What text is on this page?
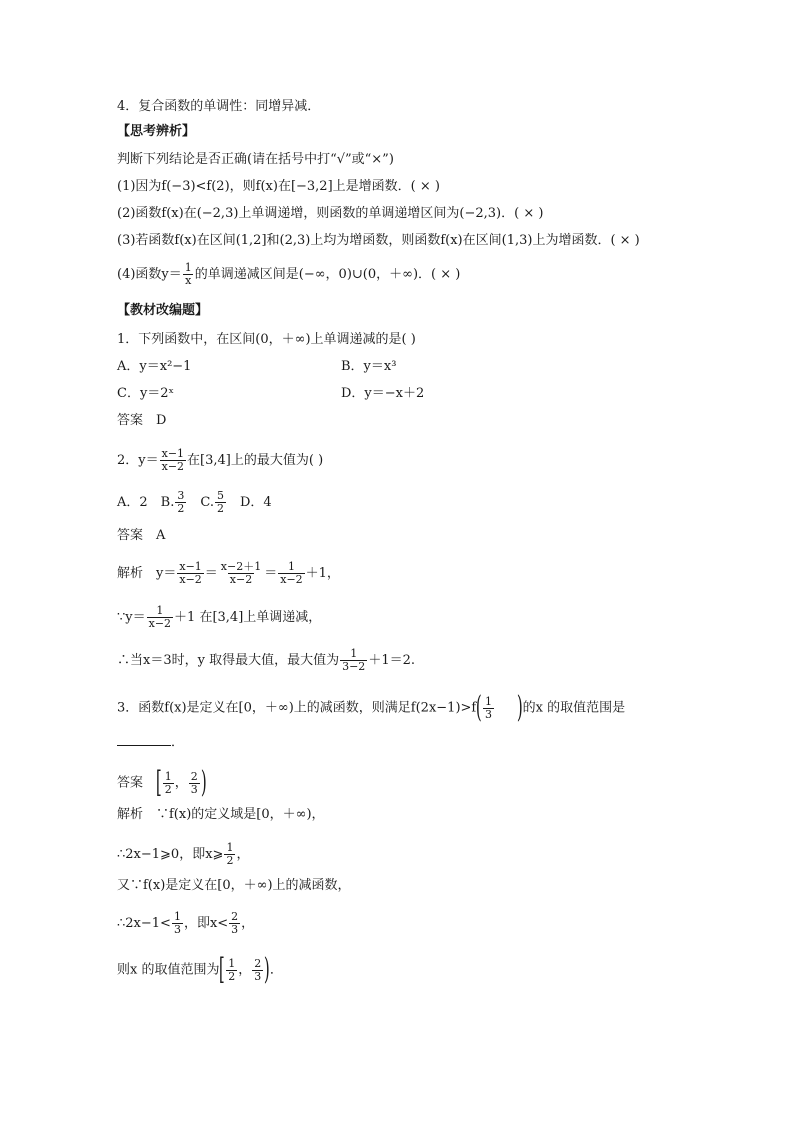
4．复合函数的单调性：同增异减．
【思考辨析】
判断下列结论是否正确(请在括号中打“√”或“×”)
(1)因为f(−3)<f(2)，则f(x)在[−3,2]上是增函数．( × )
(2)函数f(x)在(−2,3)上单调递增，则函数的单调递增区间为(−2,3)．( × )
(3)若函数f(x)在区间(1,2]和(2,3)上均为增函数，则函数f(x)在区间(1,3)上为增函数．( × )
(4)函数$y= \frac{1}{x}$ 的单调递减区间是(−∞，0)∪(0，＋∞)．( × )
【教材改编题】
1．下列函数中，在区间(0，＋∞)上单调递减的是( )
A．y＝x²−1	B．y＝x³
C．y＝2ˣ	D．y＝−x＋2
答案　D
2．$y= \frac{x-1}{x-2}$ 在[3,4]上的最大值为( )
A．2　B. $\frac{3}{2}$ 　C. $\frac{5}{2}$ 　D．4
答案　A
解析　$y= \frac{x-1}{x-2} = \frac{x-2+1}{x-2} = \frac{1}{x-2} +1$，
∵y＝ $\frac{1}{x-2} +1$ 在[3,4]上单调递减，
∴当x＝3时，y 取得最大值，最大值为 $\frac{1}{3-2} +1=2$.
3．函数f(x)是定义在[0，＋∞)上的减函数，则满足$f(2x-1)>f( \frac{1}{3}$ )的x 的取值范围是
．
答案　[ $\frac{1}{2}$ ， $\frac{2}{3}$ )
解析　∵f(x)的定义域是[0，＋∞)，
∴2x−1⩾0，即x⩾ $\frac{1}{2}$ ，
又∵f(x)是定义在[0，＋∞)上的减函数，
∴2x−1< $\frac{1}{3}$ ，即$x< \frac{2}{3}$ ，
则x 的取值范围为[ $\frac{1}{2}$ ， $\frac{2}{3}$ )．
